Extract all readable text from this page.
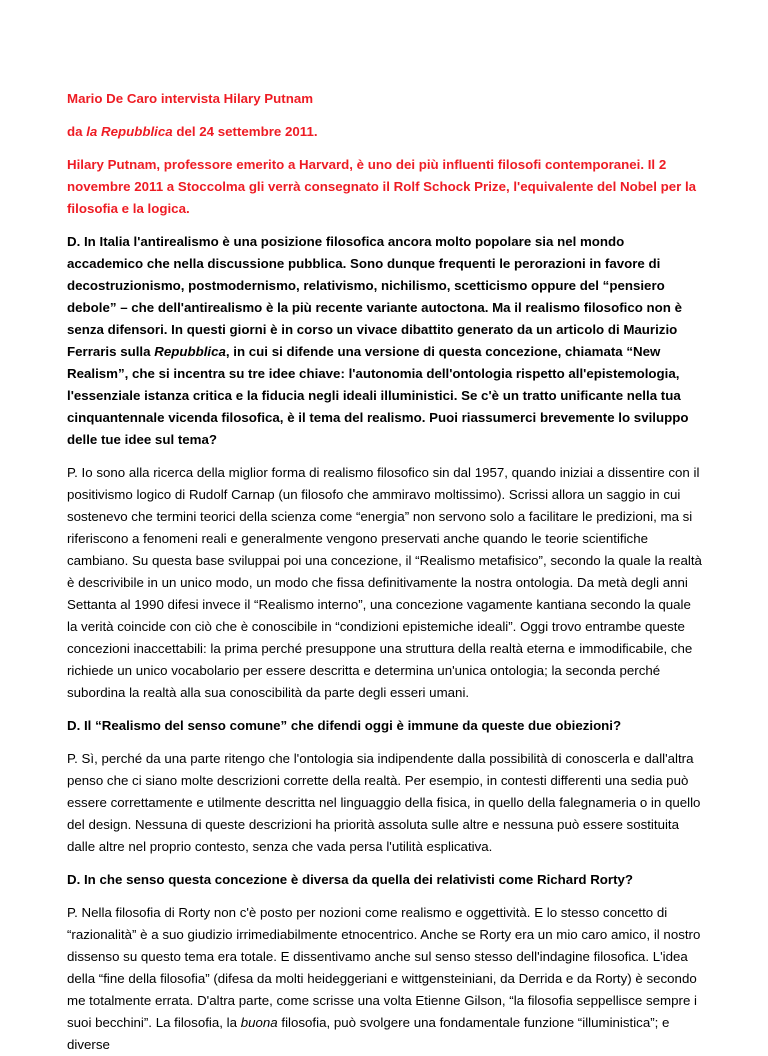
Mario De Caro intervista Hilary Putnam

da la Repubblica del 24 settembre 2011.

Hilary Putnam, professore emerito a Harvard, è uno dei più influenti filosofi contemporanei. Il 2 novembre 2011 a Stoccolma gli verrà consegnato il Rolf Schock Prize, l'equivalente del Nobel per la filosofia e la logica.

D. In Italia l'antirealismo è una posizione filosofica ancora molto popolare sia nel mondo accademico che nella discussione pubblica. Sono dunque frequenti le perorazioni in favore di decostruzionismo, postmodernismo, relativismo, nichilismo, scetticismo oppure del “pensiero debole” – che dell'antirealismo è la più recente variante autoctona. Ma il realismo filosofico non è senza difensori. In questi giorni è in corso un vivace dibattito generato da un articolo di Maurizio Ferraris sulla Repubblica, in cui si difende una versione di questa concezione, chiamata “New Realism”, che si incentra su tre idee chiave: l'autonomia dell'ontologia rispetto all'epistemologia, l'essenziale istanza critica e la fiducia negli ideali illuministici. Se c'è un tratto unificante nella tua cinquantennale vicenda filosofica, è il tema del realismo. Puoi riassumerci brevemente lo sviluppo delle tue idee sul tema?

P. Io sono alla ricerca della miglior forma di realismo filosofico sin dal 1957, quando iniziai a dissentire con il positivismo logico di Rudolf Carnap (un filosofo che ammiravo moltissimo). Scrissi allora un saggio in cui sostenevo che termini teorici della scienza come “energia” non servono solo a facilitare le predizioni, ma si riferiscono a fenomeni reali e generalmente vengono preservati anche quando le teorie scientifiche cambiano. Su questa base sviluppai poi una concezione, il “Realismo metafisico”, secondo la quale la realtà è descrivibile in un unico modo, un modo che fissa definitivamente la nostra ontologia. Da metà degli anni Settanta al 1990 difesi invece il “Realismo interno”, una concezione vagamente kantiana secondo la quale la verità coincide con ciò che è conoscibile in “condizioni epistemiche ideali”. Oggi trovo entrambe queste concezioni inaccettabili: la prima perché presuppone una struttura della realtà eterna e immodificabile, che richiede un unico vocabolario per essere descritta e determina un'unica ontologia; la seconda perché subordina la realtà alla sua conoscibilità da parte degli esseri umani.

D. Il “Realismo del senso comune” che difendi oggi è immune da queste due obiezioni?

P. Sì, perché da una parte ritengo che l'ontologia sia indipendente dalla possibilità di conoscerla e dall'altra penso che ci siano molte descrizioni corrette della realtà. Per esempio, in contesti differenti una sedia può essere correttamente e utilmente descritta nel linguaggio della fisica, in quello della falegnameria o in quello del design. Nessuna di queste descrizioni ha priorità assoluta sulle altre e nessuna può essere sostituita dalle altre nel proprio contesto, senza che vada persa l'utilità esplicativa.

D. In che senso questa concezione è diversa da quella dei relativisti come Richard Rorty?

P. Nella filosofia di Rorty non c'è posto per nozioni come realismo e oggettività. E lo stesso concetto di “razionalità” è a suo giudizio irrimediabilmente etnocentrico. Anche se Rorty era un mio caro amico, il nostro dissenso su questo tema era totale. E dissentivamo anche sul senso stesso dell'indagine filosofica. L'idea della “fine della filosofia” (difesa da molti heideggeriani e wittgensteiniani, da Derrida e da Rorty) è secondo me totalmente errata. D'altra parte, come scrisse una volta Etienne Gilson, “la filosofia seppellisce sempre i suoi becchini”. La filosofia, la buona filosofia, può svolgere una fondamentale funzione “illuministica”; e diverse
